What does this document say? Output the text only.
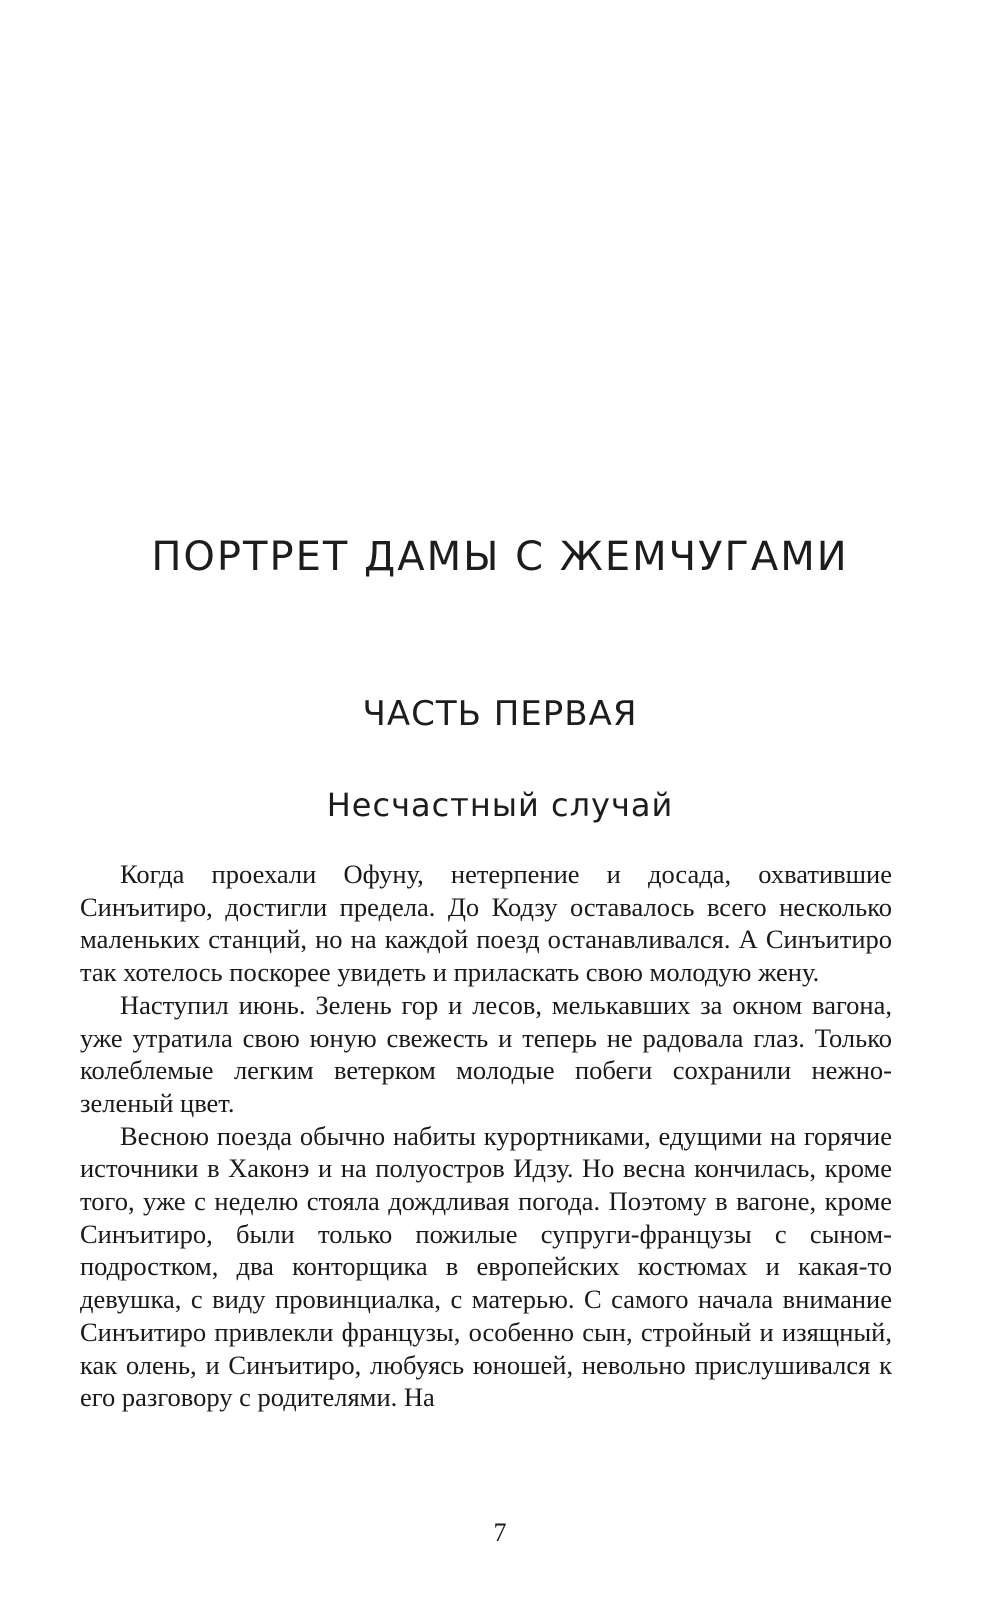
ПОРТРЕТ ДАМЫ С ЖЕМЧУГАМИ
ЧАСТЬ ПЕРВАЯ
Несчастный случай

Когда проехали Офуну, нетерпение и досада, охватившие Синъитиро, достигли предела. До Кодзу оставалось всего несколько маленьких станций, но на каждой поезд останавливался. А Синъитиро так хотелось поскорее увидеть и приласкать свою молодую жену.

Наступил июнь. Зелень гор и лесов, мелькавших за окном вагона, уже утратила свою юную свежесть и теперь не радовала глаз. Только колеблемые легким ветерком молодые побеги сохранили нежно-зеленый цвет.

Весною поезда обычно набиты курортниками, едущими на горячие источники в Хаконэ и на полуостров Идзу. Но весна кончилась, кроме того, уже с неделю стояла дождливая погода. Поэтому в вагоне, кроме Синъитиро, были только пожилые супруги-французы с сыном-подростком, два конторщика в европейских костюмах и какая-то девушка, с виду провинциалка, с матерью. С самого начала внимание Синъитиро привлекли французы, особенно сын, стройный и изящный, как олень, и Синъитиро, любуясь юношей, невольно прислушивался к его разговору с родителями. На

7
